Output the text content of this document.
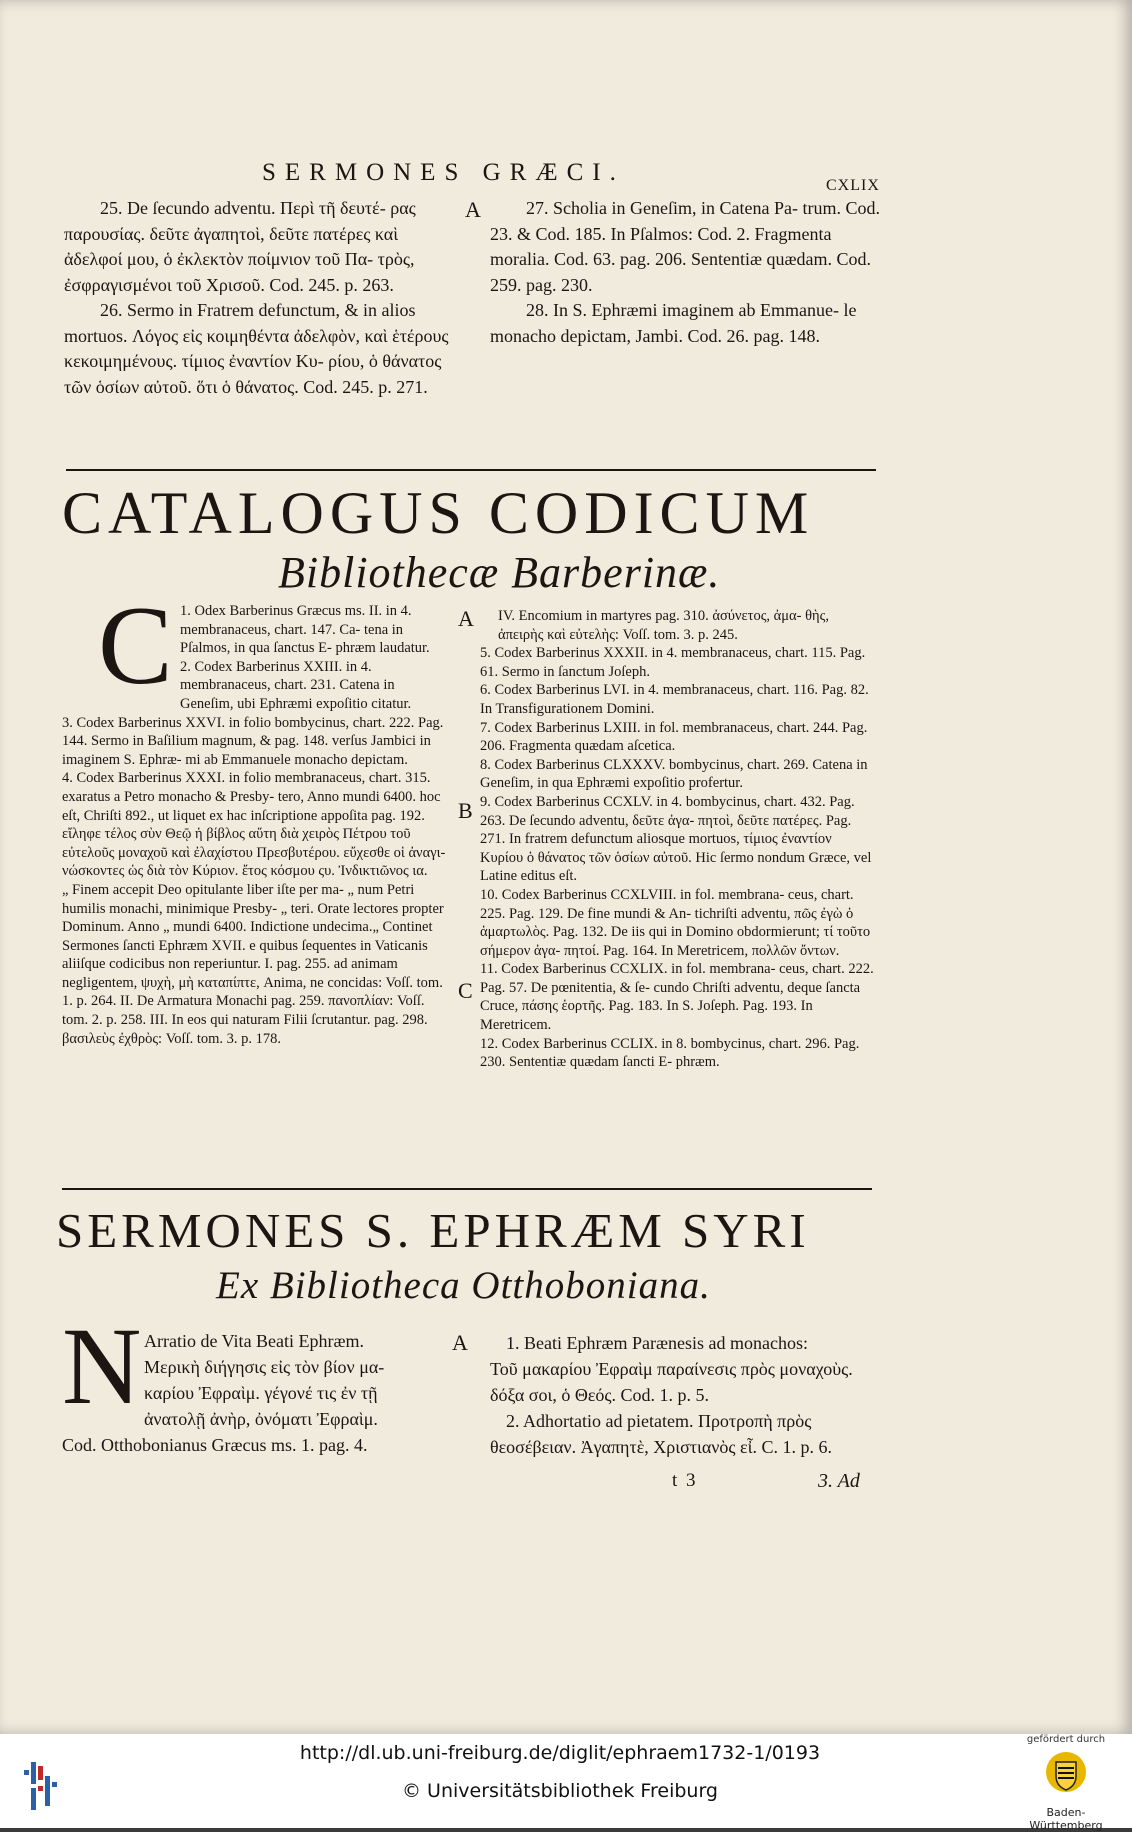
SERMONES GRÆCI.	CXLIX

25. De ſecundo adventu. Περὶ τῆ δευτέ- ρας παρουσίας. δεῦτε ἀγαπητοὶ, δεῦτε πατέρες καὶ ἀδελφοί μου, ὁ ἐκλεκτὸν ποίμνιον τοῦ Πα- τρὸς, ἐσφραγισμένοι τοῦ Χρισοῦ. Cod. 245. p. 263.

26. Sermo in Fratrem defunctum, & in alios mortuos. Λόγος εἰς κοιμηθέντα ἀδελφὸν, καὶ ἑτέρους κεκοιμημένους. τίμιος ἐναντίον Κυ- ρίου, ὁ θάνατος τῶν ὁσίων αὐτοῦ. ὅτι ὁ θάνατος. Cod. 245. p. 271.

A	27. Scholia in Geneſim, in Catena Pa- trum. Cod. 23. & Cod. 185. In Pſalmos: Cod. 2. Fragmenta moralia. Cod. 63. pag. 206. Sententiæ quædam. Cod. 259. pag. 230.

28. In S. Ephræmi imaginem ab Emmanue- le monacho depictam, Jambi. Cod. 26. pag. 148.

CATALOGUS CODICUM
Bibliothecæ Barberinæ.
C 1. Odex Barberinus Græcus ms. II. in 4. membranaceus, chart. 147. Ca- tena in Pſalmos, in qua ſanctus E- phræm laudatur.

2. Codex Barberinus XXIII. in 4. membranaceus, chart. 231. Catena in Geneſim, ubi Ephræmi expoſitio citatur.

3. Codex Barberinus XXVI. in folio bombycinus, chart. 222. Pag. 144. Sermo in Baſilium magnum, & pag. 148. verſus Jambici in imaginem S. Ephræ- mi ab Emmanuele monacho depictam.

4. Codex Barberinus XXXI. in folio membranaceus, chart. 315. exaratus a Petro monacho & Presby- tero, Anno mundi 6400. hoc eſt, Chriſti 892., ut liquet ex hac inſcriptione appoſita pag. 192. εἴληφε τέλος σὺν Θεῷ ἡ βίβλος αὕτη διὰ χειρὸς Πέτρου τοῦ εὐτελοῦς μοναχοῦ καὶ ἐλαχίστου Πρεσβυτέρου. εὔχεσθε οἱ ἀναγι- νώσκοντες ὡς διὰ τὸν Κύριον. ἔτος κόσμου ςυ. Ἰνδικτιῶνος ια.

„ Finem accepit Deo opitulante liber iſte per ma- „ num Petri humilis monachi, minimique Presby- „ teri. Orate lectores propter Dominum. Anno „ mundi 6400. Indictione undecima.„ Continet Sermones ſancti Ephræm XVII. e quibus ſequentes in Vaticanis aliiſque codicibus non reperiuntur. I. pag. 255. ad animam negligentem, ψυχὴ, μὴ καταπίπτε, Anima, ne concidas: Voſſ. tom. 1. p. 264. II. De Armatura Monachi pag. 259. πανοπλίαν: Voſſ. tom. 2. p. 258. III. In eos qui naturam Filii ſcrutantur. pag. 298. βασιλεὺς ἐχθρὸς: Voſſ. tom. 3. p. 178.

A
B
C

IV. Encomium in martyres pag. 310. ἀσύνετος, ἀμα- θὴς, ἀπειρὴς καὶ εὐτελὴς: Voſſ. tom. 3. p. 245.

5. Codex Barberinus XXXII. in 4. membranaceus, chart. 115. Pag. 61. Sermo in ſanctum Joſeph.

6. Codex Barberinus LVI. in 4. membranaceus, chart. 116. Pag. 82. In Transfigurationem Domini.

7. Codex Barberinus LXIII. in fol. membranaceus, chart. 244. Pag. 206. Fragmenta quædam aſcetica.

8. Codex Barberinus CLXXXV. bombycinus, chart. 269. Catena in Geneſim, in qua Ephræmi expoſitio profertur.

9. Codex Barberinus CCXLV. in 4. bombycinus, chart. 432. Pag. 263. De ſecundo adventu, δεῦτε ἀγα- πητοὶ, δεῦτε πατέρες. Pag. 271. In fratrem defunctum aliosque mortuos, τίμιος ἐναντίον Κυρίου ὁ θάνατος τῶν ὁσίων αὐτοῦ. Hic ſermo nondum Græce, vel Latine editus eſt.

10. Codex Barberinus CCXLVIII. in fol. membrana- ceus, chart. 225. Pag. 129. De fine mundi & An- tichriſti adventu, πῶς ἐγὼ ὁ ἁμαρτωλὸς. Pag. 132. De iis qui in Domino obdormierunt; τί τοῦτο σήμερον ἀγα- πητοί. Pag. 164. In Meretricem, πολλῶν ὄντων.

11. Codex Barberinus CCXLIX. in fol. membrana- ceus, chart. 222. Pag. 57. De pœnitentia, & ſe- cundo Chriſti adventu, deque ſancta Cruce, πάσης ἑορτῆς. Pag. 183. In S. Joſeph. Pag. 193. In Meretricem.

12. Codex Barberinus CCLIX. in 8. bombycinus, chart. 296. Pag. 230. Sententiæ quædam ſancti E- phræm.

SERMONES S. EPHRÆM SYRI
Ex Bibliotheca Otthoboniana.
N Arratio de Vita Beati Ephræm.
Μερικὴ διήγησις εἰς τὸν βίον μα-
καρίου Ἐφραὶμ. γέγονέ τις ἐν τῇ
ἀνατολῇ ἀνὴρ, ὀνόματι Ἐφραὶμ.
Cod. Otthobonianus Græcus ms. 1. pag. 4.
A	1. Beati Ephræm Parænesis ad monachos:
Τοῦ μακαρίου Ἐφραὶμ παραίνεσις πρὸς μοναχοὺς.
δόξα σοι, ὁ Θεός. Cod. 1. p. 5.
2. Adhortatio ad pietatem. Προτροπὴ πρὸς
θεοσέβειαν. Ἀγαπητὲ, Χριστιανὸς εἶ. C. 1. p. 6.
t 3	3. Ad
http://dl.ub.uni-freiburg.de/diglit/ephraem1732-1/0193
© Universitätsbibliothek Freiburg
gefördert durch
Baden-Württemberg
